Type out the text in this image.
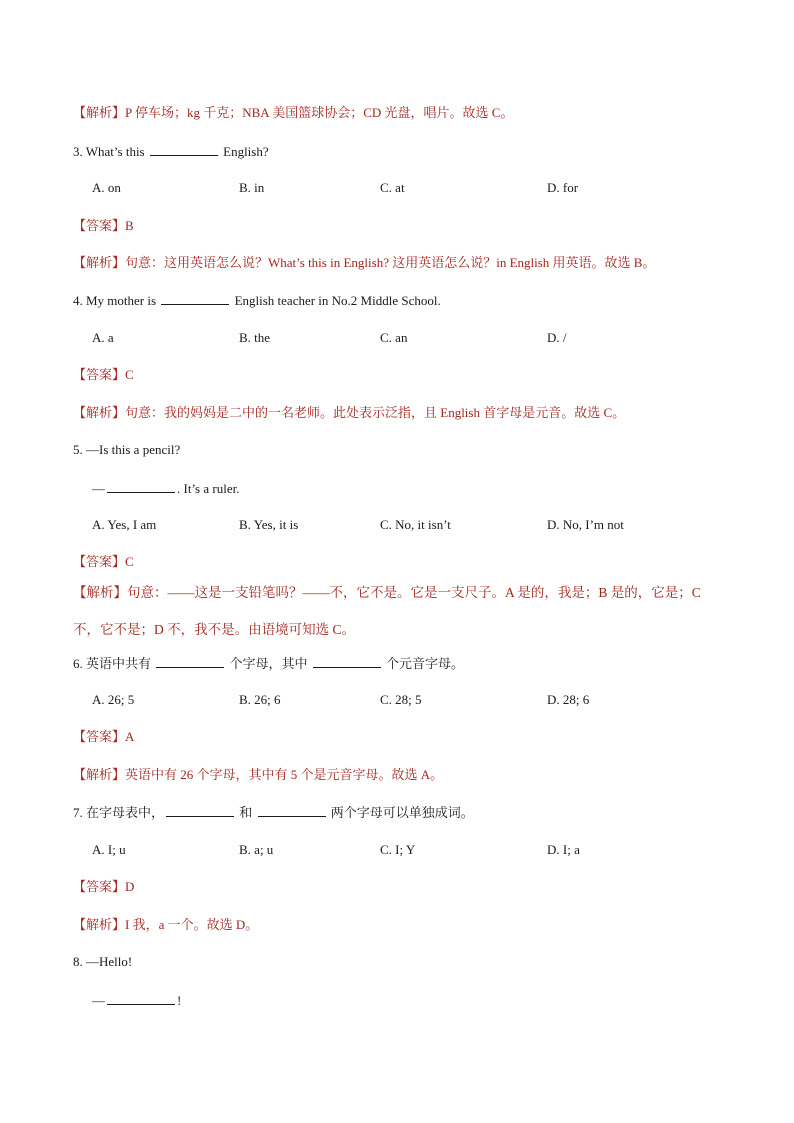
【解析】P 停车场；kg 千克；NBA 美国篮球协会；CD 光盘，唱片。故选 C。
3. What’s this	English?
A. on	B. in	C. at	D. for
【答案】B
【解析】句意：这用英语怎么说？What’s this in English? 这用英语怎么说？in English 用英语。故选 B。
4. My mother is	English teacher in No.2 Middle School.
A. a	B. the	C. an	D. /
【答案】C
【解析】句意：我的妈妈是二中的一名老师。此处表示泛指，且 English 首字母是元音。故选 C。
5. —Is this a pencil?
—	. It’s a ruler.
A. Yes, I am	B. Yes, it is	C. No, it isn’t	D. No, I’m not
【答案】C
【解析】句意：——这是一支铅笔吗？——不，它不是。它是一支尺子。A 是的，我是；B 是的，它是；C
不，它不是；D 不，我不是。由语境可知选 C。
6. 英语中共有	个字母，其中	个元音字母。
A. 26; 5	B. 26; 6	C. 28; 5	D. 28; 6
【答案】A
【解析】英语中有 26 个字母，其中有 5 个是元音字母。故选 A。
7. 在字母表中，	和	两个字母可以单独成词。
A. I; u	B. a; u	C. I; Y	D. I; a
【答案】D
【解析】I 我，a 一个。故选 D。
8. —Hello!
—	!
